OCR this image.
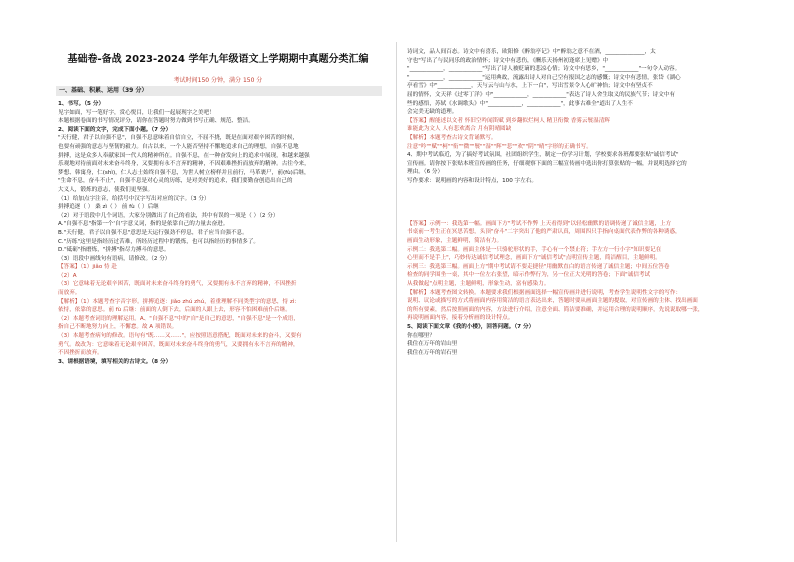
基础卷-备战 2023-2024 学年九年级语文上学期期中真题分类汇编
考试时间150 分钟，满分 150 分
一、基础、积累、运用（39 分）
1、书写。（5 分）
见字如面，写一笔好字，赏心悦目，让我们一起展现字之美吧！
本题根据卷面的书写情况评分，请你在答题时努力做到书写正确、规范、整洁。
2、阅读下面的文字，完成下面小题。（7 分）
"天行健，君子以自强不息"，自强不息意味着自信自立，不屈不挠，既是在面对艰辛困苦的时候，
也要有顽强的意志与坚韧的毅力。自古以来，一个人能否坚持不懈地追求自己的理想，自强不息地
拼搏，这是众多人奉献家国一代人的精神所在。自强不息，在一种奋发向上的追求中展现，和越来越强
乐观地对待前面对未来奋斗终身，又要拥有永不言弃的精神，不因艰难挫折而放弃的精神。古往今来，
梦想、韩寓身，仁(shì)，仁人志士始终自强不息，为世人树立榜样并且前行，马革裹尸，前(fù)后继，
"生命不息，奋斗不止"，自强不息是对心灵的历练，是对美好的追求，我们要勤奋创造出自己的
大义人，锻炼的意志，使我们更坚强。
（1）给加点字注音，给括号中汉字写出对应的汉字。（3 分）
拼搏追逐（ ） 桑 zì（ ） 前 fù（ ）后继
（2）对于语段中几个词语，大家分别做出了自己的看法，其中有误的一项是（ ）（2 分）
A."自强不息"指第一个'自'字意义词，指的是依靠自己的力量去奋进。
B."天行健，君子以自强不息"意思是天运行强劲不停息，君子应当自强不息。
C."历练"这里是指经历过苦难，所经历过程中的锻炼，也可以指经历的事情多了。
D."砥砺"指磨炼，"拼搏"指尽力搏斗的意思。
（3）语段中画线句有语病，请修改。（2 分）
【答案】（1）jiǎo 恃 赴
（2）A
（3）它意味着无论艰辛困苦，既面对未来奋斗终身的勇气，又要拥有永不言弃的精神，不因挫折
而放弃。
【解析】（1）本题考查字音字形。拼搏追逐：jiǎo zhú zhú，着重理解不同类型字的意思，恃 zì：
依恃，依靠的意思。前 fù 后继：前面的人倒下去，后面的人跟上去，形容不怕困难前仆后继。
（2）本题考查词语的理解运用。A、"自强不息"中的"自"是自己的意思，"自强不息"是一个成语，
指自己不断地努力向上，不懈怠。故 A 项错误。
（3）本题考查病句的修改。语句有"既……又……"，应按照语意搭配，既面对未来的奋斗，又要有
勇气。故改为：它意味着无论艰辛困苦，既面对未来奋斗终身的勇气，又要拥有永不言弃的精神，
不因挫折而放弃。
3、请根据语境，填写相关的古诗文。（8 分）
诗词文，品人间百态。诗文中有喜乐，欧阳修《醉翁亭记》中"醉翁之意不在酒，______________，太
守也"写出了与民同乐的政治情怀；诗文中有悲伤，《酬乐天扬州初逢席上见赠》中
"____________，____________"写出了诗人被贬谪的悲凉心情；诗文中有思乡，"____________"一句令人动容。
"____________，____________"运用典故，流露出诗人对自己空有报国之志的感慨；诗文中有悲情，张岱《湖心
亭看雪》中"____________，天与云与山与水，上下一白"，写出雪景令人心旷神怡；诗文中有坚贞不
屈的情怀，文天祥《过零丁洋》中"____________，____________"表达了诗人舍生取义的民族气节；诗文中有
些的感悟，苏轼《水调歌头》中"____________，____________"，此事古难全"道出了人生不
会完美无缺的道理。
【答案】醒能述以文者 怀旧空吟闻笛赋 到乡翻似烂柯人 精卫衔微 香雾云鬟湿清辉
谁能此为文人 人有悲欢离合 月有阴晴圆缺
【解析】本题考查古诗文背诵默写。
注意"吟""赋""柯""衔""微""鬟""湿""辉""悲""欢""阴""晴"字形的正确书写。
4、期中考试临近，为了搞好考试氛围，社团组织学生，制定一份学习计划，学校要求各班都要张贴"诚信考试"
宣传画。请你按下张贴本班宣传画的任务，仔细观察下面的三幅宣传画中选出你打算张贴的一幅，并说明选择它的
理由。（6 分）
写作要求：说明画的内容和设计特点，100 字左右。

【答案】示例一：我选第一幅。画面下方"考试不作弊 上天看得到"以轻松幽默的语调传递了诚信主题，上方
书桌前一考生正在冥思苦想，头顶"奋斗"二字突出了他的严肃认真，周围四只手指向桌面代表作弊的各种诱惑，
画面生动形象，主题鲜明，简洁有力。
示例二：我选第二幅。画面主体是一只骆驼形状的手，手心有一个禁止符；手左方一行小字"知识要记在
心里而不是手上"，巧妙传达诚信考试理念，画面下方"诚信考试"点明宣传主题，简洁醒目，主题鲜明。
示例三：我选第三幅。画面上方"期中考试请不要走捷径"用幽默直白的语言传递了诚信主题；中间五位答卷
检查的同学围坐一桌，其中一位左右张望，暗示作弊行为，另一位正大光明的答卷；下面"诚信考试
从我做起"点明主题，主题鲜明，形象生动，富有感染力。
【解析】本题考查图文转换。本题要求我们根据画面选择一幅宣传画并进行说明，考查学生说明性文字的写作：
说明、议论或描写的方式将画面内容用简洁的语言表达出来，答题时要从画面主题的提取，对宣传画的主体、找出画面
的所有要素，然后按照画面的内容，方法进行介绍，注意全面、简洁要准确，并运用合理的说明顺序，先说说取哪一张，
再说明画面内容，接着分析画的设计特点。
5、阅读下面文章《我的小楼》，回答问题。（7 分）
你在哪里？
我住在万年的岩山里
我住在万年的岩石里
